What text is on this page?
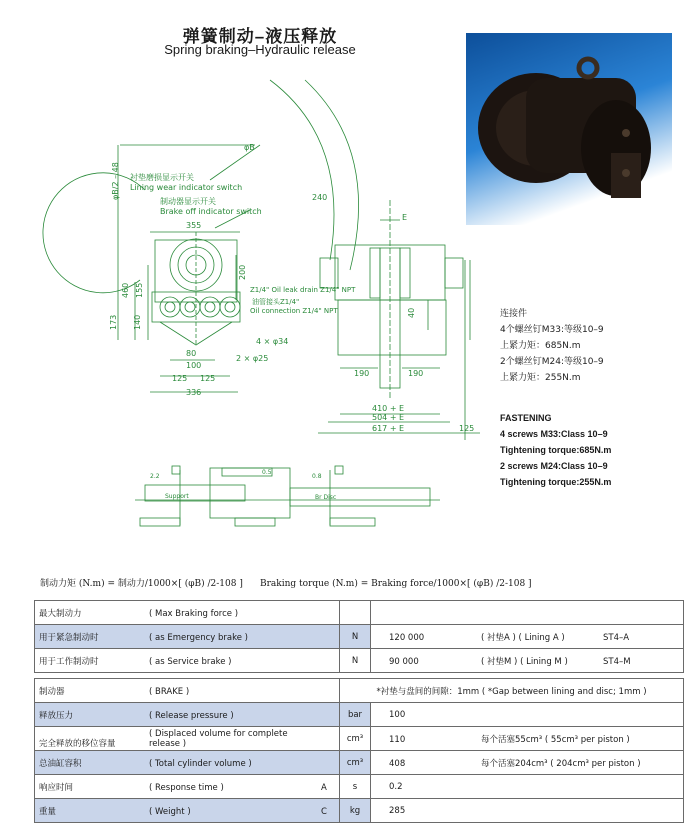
弹簧制动–液压释放
Spring braking–Hydraulic release
φB
240
φB/2 – 48 衬垫磨损显示开关
Lining wear indicator switch
制动器显示开关
Brake off indicator switch
355
200
Z1/4" Oil leak drain Z1/4" NPT
油管接头Z1/4"
Oil connection Z1/4" NPT
460 155
173 140
4 × φ34
80
2 × φ25
100
125 125
336
E
40
190	190
410 + E
504 + E
617 + E	125
Support
2.2
0.5
0.8
Br Disc
连接件
4个螺丝钉M33:等级10–9
上紧力矩：685N.m
2个螺丝钉M24:等级10–9
上紧力矩：255N.m
FASTENING
4 screws M33:Class 10–9
Tightening torque:685N.m
2 screws M24:Class 10–9
Tightening torque:255N.m
制动力矩 (N.m) = 制动力/1000×[ (φB) /2-108 ]      Braking torque (N.m) = Braking force/1000×[ (φB) /2-108 ]
最大制动力 ( Max Braking force )		
用于紧急制动时 ( as Emergency brake )	N	120 000 ( 衬垫A ) ( Lining A ) ST4–A
用于工作制动时 ( as Service brake )	N	90 000 ( 衬垫M ) ( Lining M ) ST4–M
制动器 ( BRAKE )	*衬垫与盘间的间隙：1mm ( *Gap between lining and disc; 1mm )	
释放压力 ( Release pressure )	bar	100
完全释放的移位容量( Displaced volume for complete release )	cm³	110 每个活塞55cm³ ( 55cm³ per piston )
总油缸容积 ( Total cylinder volume )	cm³	408 每个活塞204cm³ ( 204cm³ per piston )
响应时间 ( Response time ) A	s	0.2
重量 ( Weight ) C	kg	285
